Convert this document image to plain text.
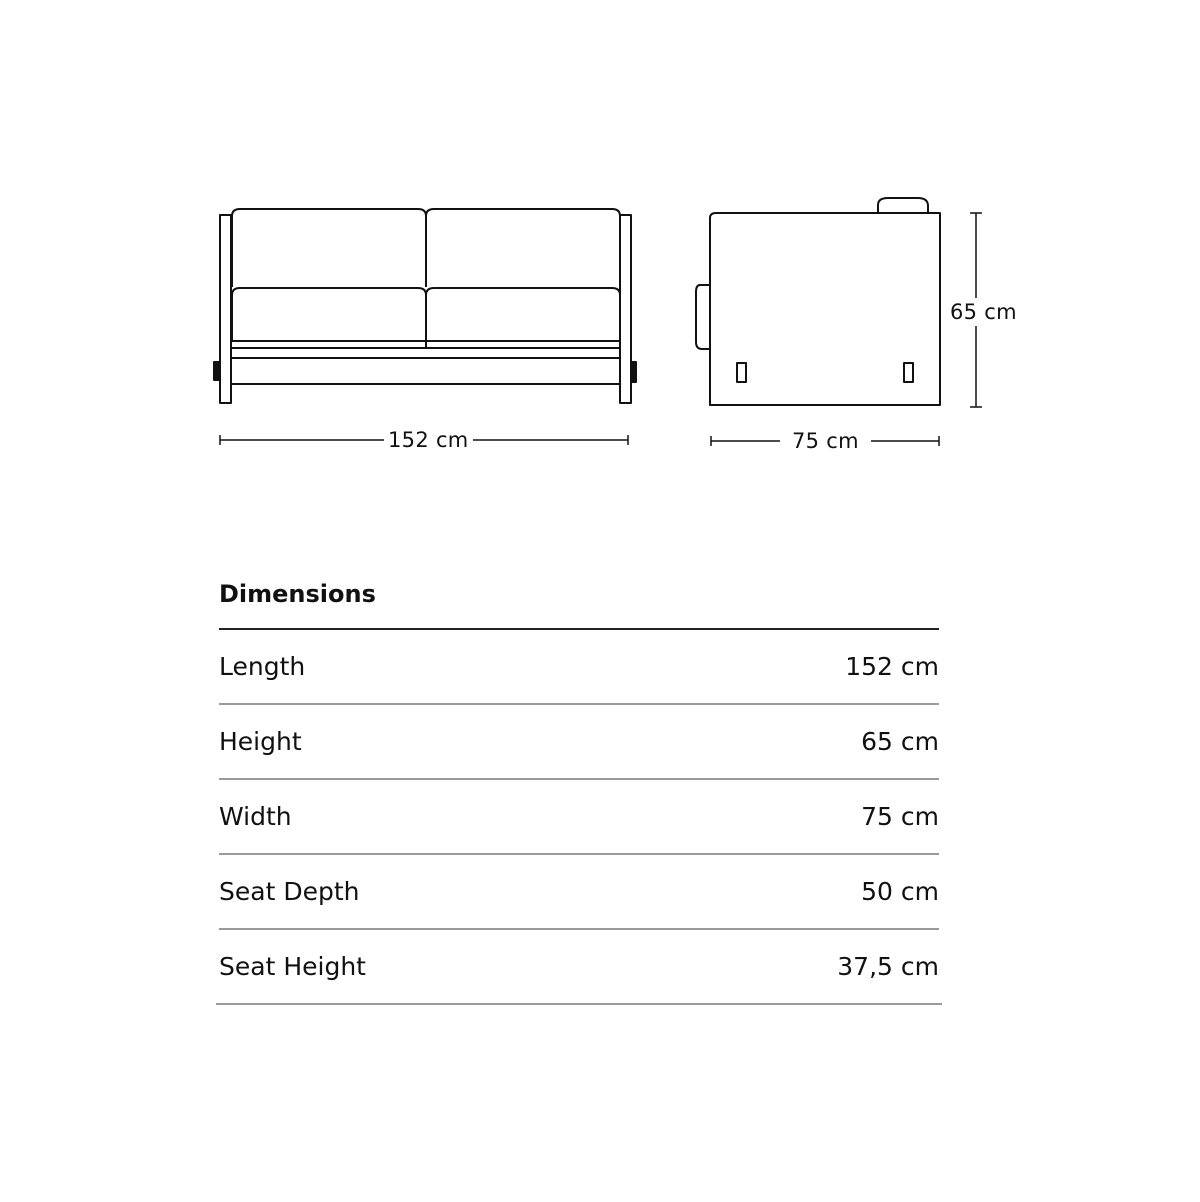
152 cm	75 cm
65 cm
Dimensions
Length	152 cm
Height	65 cm
Width	75 cm
Seat Depth	50 cm
Seat Height	37,5 cm
